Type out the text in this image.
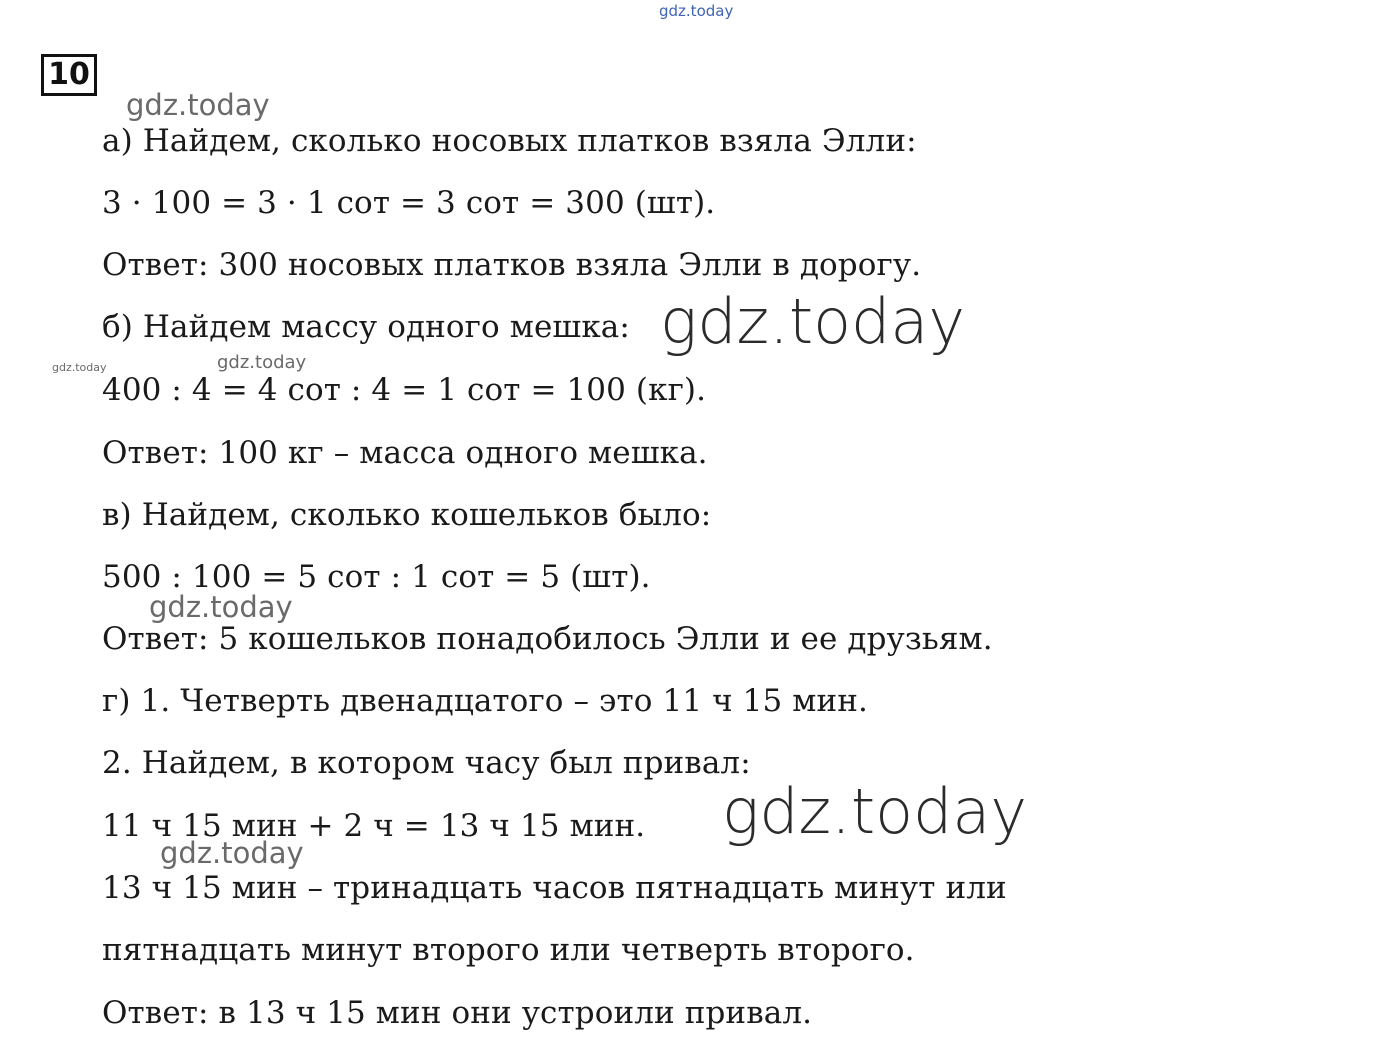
gdz.today
10

а) Найдем, сколько носовых платков взяла Элли:
3 · 100 = 3 · 1 сот = 3 сот = 300 (шт).
Ответ: 300 носовых платков взяла Элли в дорогу.
б) Найдем массу одного мешка:
400 : 4 = 4 сот : 4 = 1 сот = 100 (кг).
Ответ: 100 кг – масса одного мешка.
в) Найдем, сколько кошельков было:
500 : 100 = 5 сот : 1 сот = 5 (шт).
Ответ: 5 кошельков понадобилось Элли и ее друзьям.
г) 1. Четверть двенадцатого – это 11 ч 15 мин.
2. Найдем, в котором часу был привал:
11 ч 15 мин + 2 ч = 13 ч 15 мин.
13 ч 15 мин – тринадцать часов пятнадцать минут или
пятнадцать минут второго или четверть второго.
Ответ: в 13 ч 15 мин они устроили привал.
gdz.today
gdz.today
gdz.today	gdz.today
gdz.today
gdz.today
gdz.today
